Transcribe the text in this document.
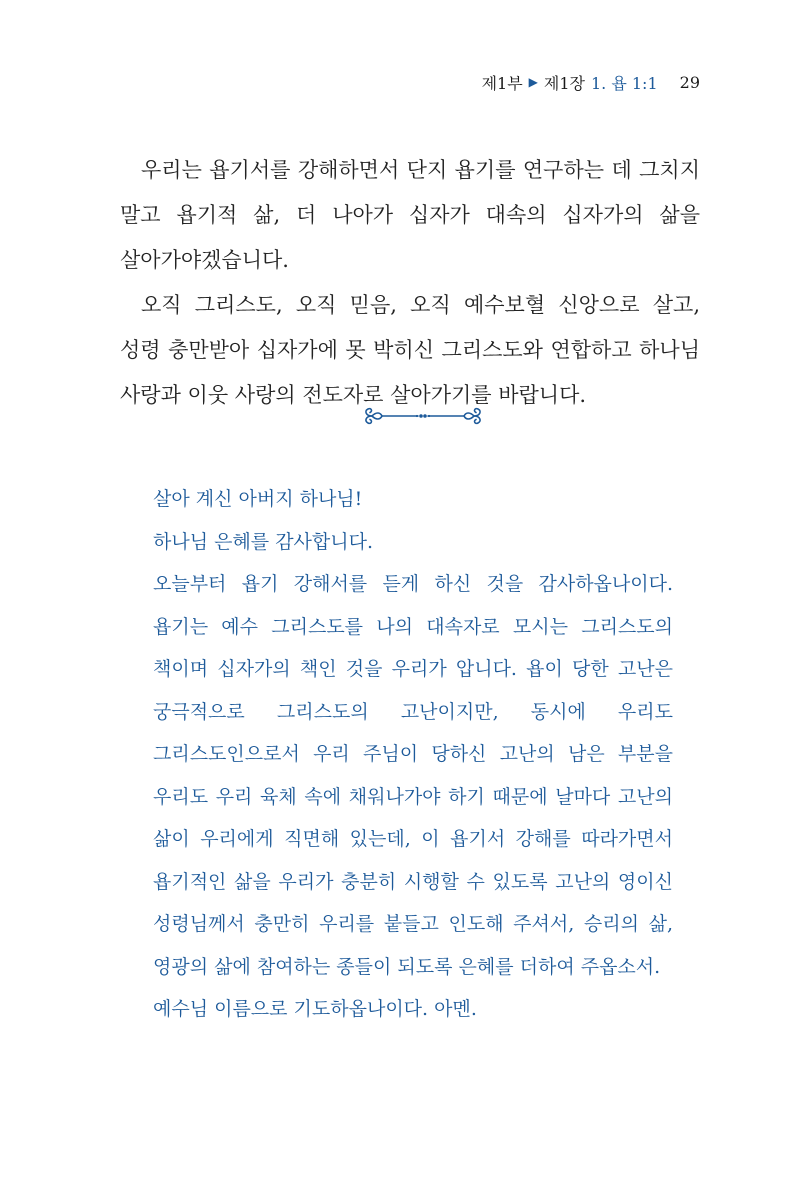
제1부 ▶ 제1장 1. 욥 1:1 29

우리는 욥기서를 강해하면서 단지 욥기를 연구하는 데 그치지 말고 욥기적 삶, 더 나아가 십자가 대속의 십자가의 삶을 살아가야겠습니다.

오직 그리스도, 오직 믿음, 오직 예수보혈 신앙으로 살고, 성령 충만받아 십자가에 못 박히신 그리스도와 연합하고 하나님 사랑과 이웃 사랑의 전도자로 살아가기를 바랍니다.

살아 계신 아버지 하나님!

하나님 은혜를 감사합니다.

오늘부터 욥기 강해서를 듣게 하신 것을 감사하옵나이다. 욥기는 예수 그리스도를 나의 대속자로 모시는 그리스도의 책이며 십자가의 책인 것을 우리가 압니다. 욥이 당한 고난은 궁극적으로 그리스도의 고난이지만, 동시에 우리도 그리스도인으로서 우리 주님이 당하신 고난의 남은 부분을 우리도 우리 육체 속에 채워나가야 하기 때문에 날마다 고난의 삶이 우리에게 직면해 있는데, 이 욥기서 강해를 따라가면서 욥기적인 삶을 우리가 충분히 시행할 수 있도록 고난의 영이신 성령님께서 충만히 우리를 붙들고 인도해 주셔서, 승리의 삶, 영광의 삶에 참여하는 종들이 되도록 은혜를 더하여 주옵소서.

예수님 이름으로 기도하옵나이다. 아멘.
